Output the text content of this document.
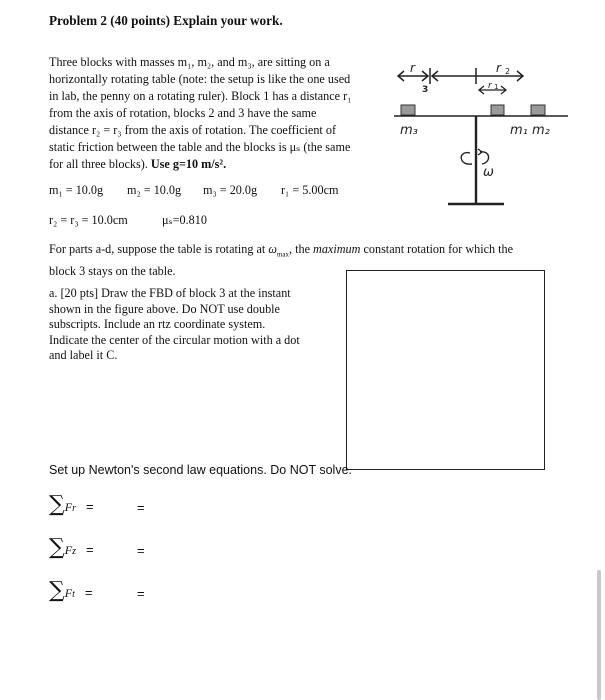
Problem 2 (40 points) Explain your work.
Three blocks with masses m₁, m₂, and m₃, are sitting on a
horizontally rotating table (note: the setup is like the one used
in lab, the penny on a rotating ruler). Block 1 has a distance r₁
from the axis of rotation, blocks 2 and 3 have the same
distance r₂ = r₃ from the axis of rotation. The coefficient of
static friction between the table and the blocks is μₛ (the same
for all three blocks). Use g=10 m/s².
m₁ = 10.0g m₂ = 10.0g m₃ = 20.0g r₁ = 5.00cm
r₂ = r₃ = 10.0cm	μₛ=0.810
For parts a-d, suppose the table is rotating at $\omega_{max}$, the maximum constant rotation for which the
block 3 stays on the table.
a. [20 pts] Draw the FBD of block 3 at the instant
shown in the figure above. Do NOT use double
subscripts. Include an rtz coordinate system.
Indicate the center of the circular motion with a dot
and label it C.
Set up Newton's second law equations. Do NOT solve.
∑Fr =	=
∑Fz =	=
∑Ft =	=
r
3
r 2
r 1
m₃	m₁ m₂
ω
